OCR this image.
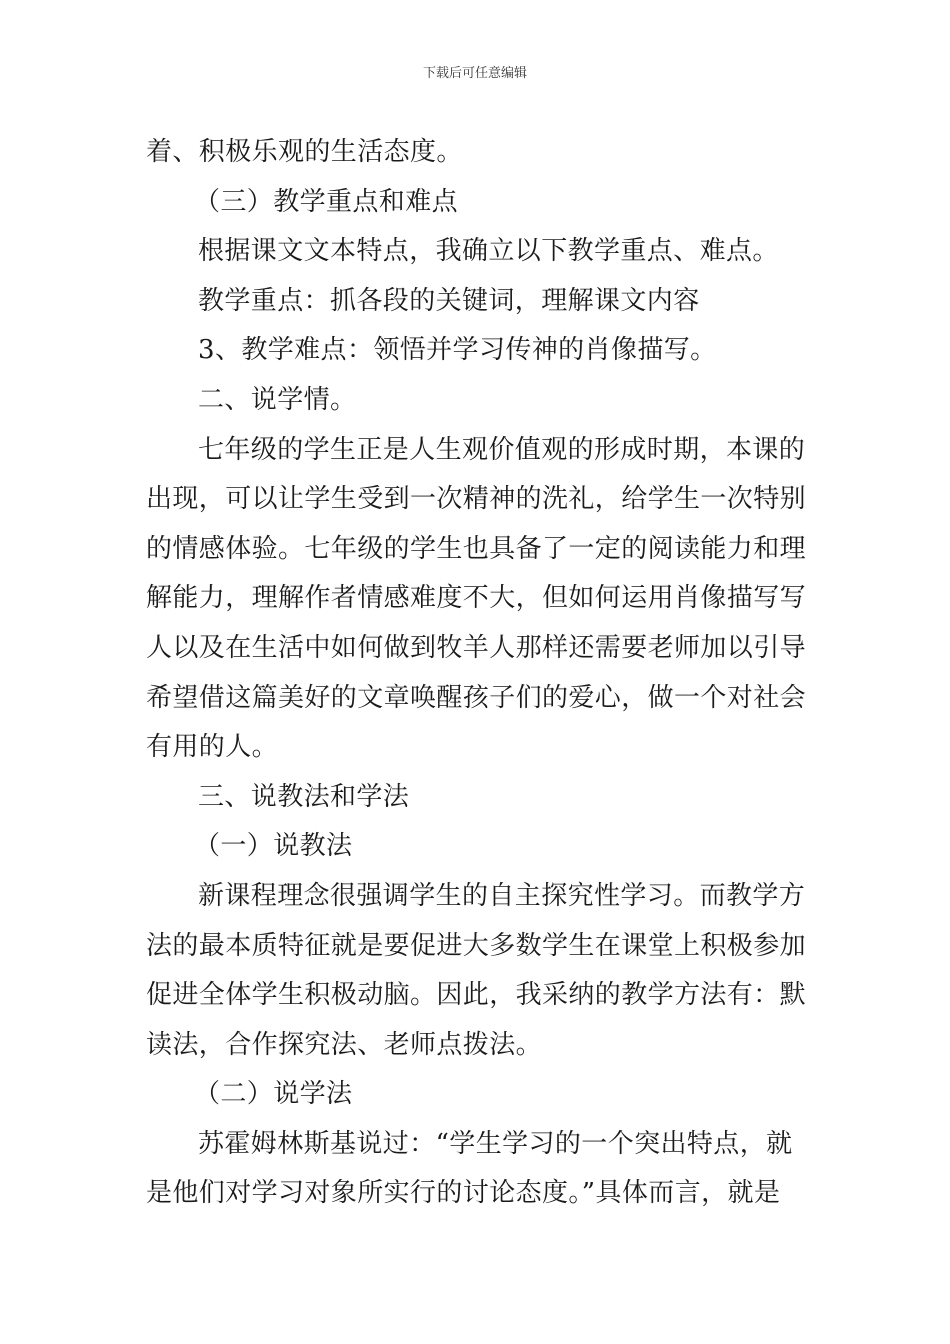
下载后可任意编辑
着、积极乐观的生活态度。
（三）教学重点和难点
根据课文文本特点，我确立以下教学重点、难点。
教学重点：抓各段的关键词，理解课文内容
3、教学难点：领悟并学习传神的肖像描写。
二、说学情。
七年级的学生正是人生观价值观的形成时期，本课的
出现，可以让学生受到一次精神的洗礼，给学生一次特别
的情感体验。七年级的学生也具备了一定的阅读能力和理
解能力，理解作者情感难度不大，但如何运用肖像描写写
人以及在生活中如何做到牧羊人那样还需要老师加以引导
希望借这篇美好的文章唤醒孩子们的爱心，做一个对社会
有用的人。
三、说教法和学法
（一）说教法
新课程理念很强调学生的自主探究性学习。而教学方
法的最本质特征就是要促进大多数学生在课堂上积极参加
促进全体学生积极动脑。因此，我采纳的教学方法有：默
读法，合作探究法、老师点拨法。
（二）说学法
苏霍姆林斯基说过：“学生学习的一个突出特点，就
是他们对学习对象所实行的讨论态度。”具体而言，就是
